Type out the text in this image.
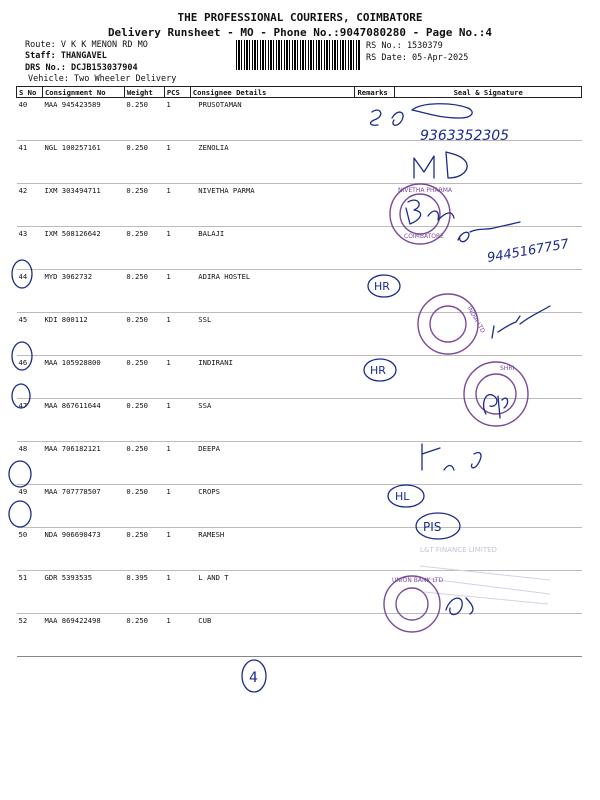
THE PROFESSIONAL COURIERS, COIMBATORE
Delivery Runsheet - MO - Phone No.:9047080280 - Page No.:4
Route: V K K MENON RD MO
Staff: THANGAVEL
DRS No.: DCJB153037904
Vehicle: Two Wheeler Delivery
RS No.: 1530379
RS Date: 05-Apr-2025
S No	Consignment No	Weight	PCS	Consignee Details	Remarks	Seal & Signature
40	MAA 945423589	0.250	1	PRUSOTAMAN		
41	NGL 100257161	0.250	1	ZENOLIA		
42	IXM 303494711	0.250	1	NIVETHA PARMA		
43	IXM 508126642	0.250	1	BALAJI		
44	MYD 3062732	0.250	1	ADIRA HOSTEL		
45	KDI 800112	0.250	1	SSL		
46	MAA 105928800	0.250	1	INDIRANI		
47	MAA 867611644	0.250	1	SSA		
48	MAA 706182121	0.250	1	DEEPA		
49	MAA 707778507	0.250	1	CROPS		
50	NDA 906690473	0.250	1	RAMESH		
51	GDR 5393535	0.395	1	L AND T		
52	MAA 869422498	0.250	1	CUB		
9363352305
NIVETHA PHARMA
COIMBATORE
9445167757
HR
INDIA LTD
HR	SHRI
HL
PIS
L&T FINANCE LIMITED
UNION BANK LTD
4
